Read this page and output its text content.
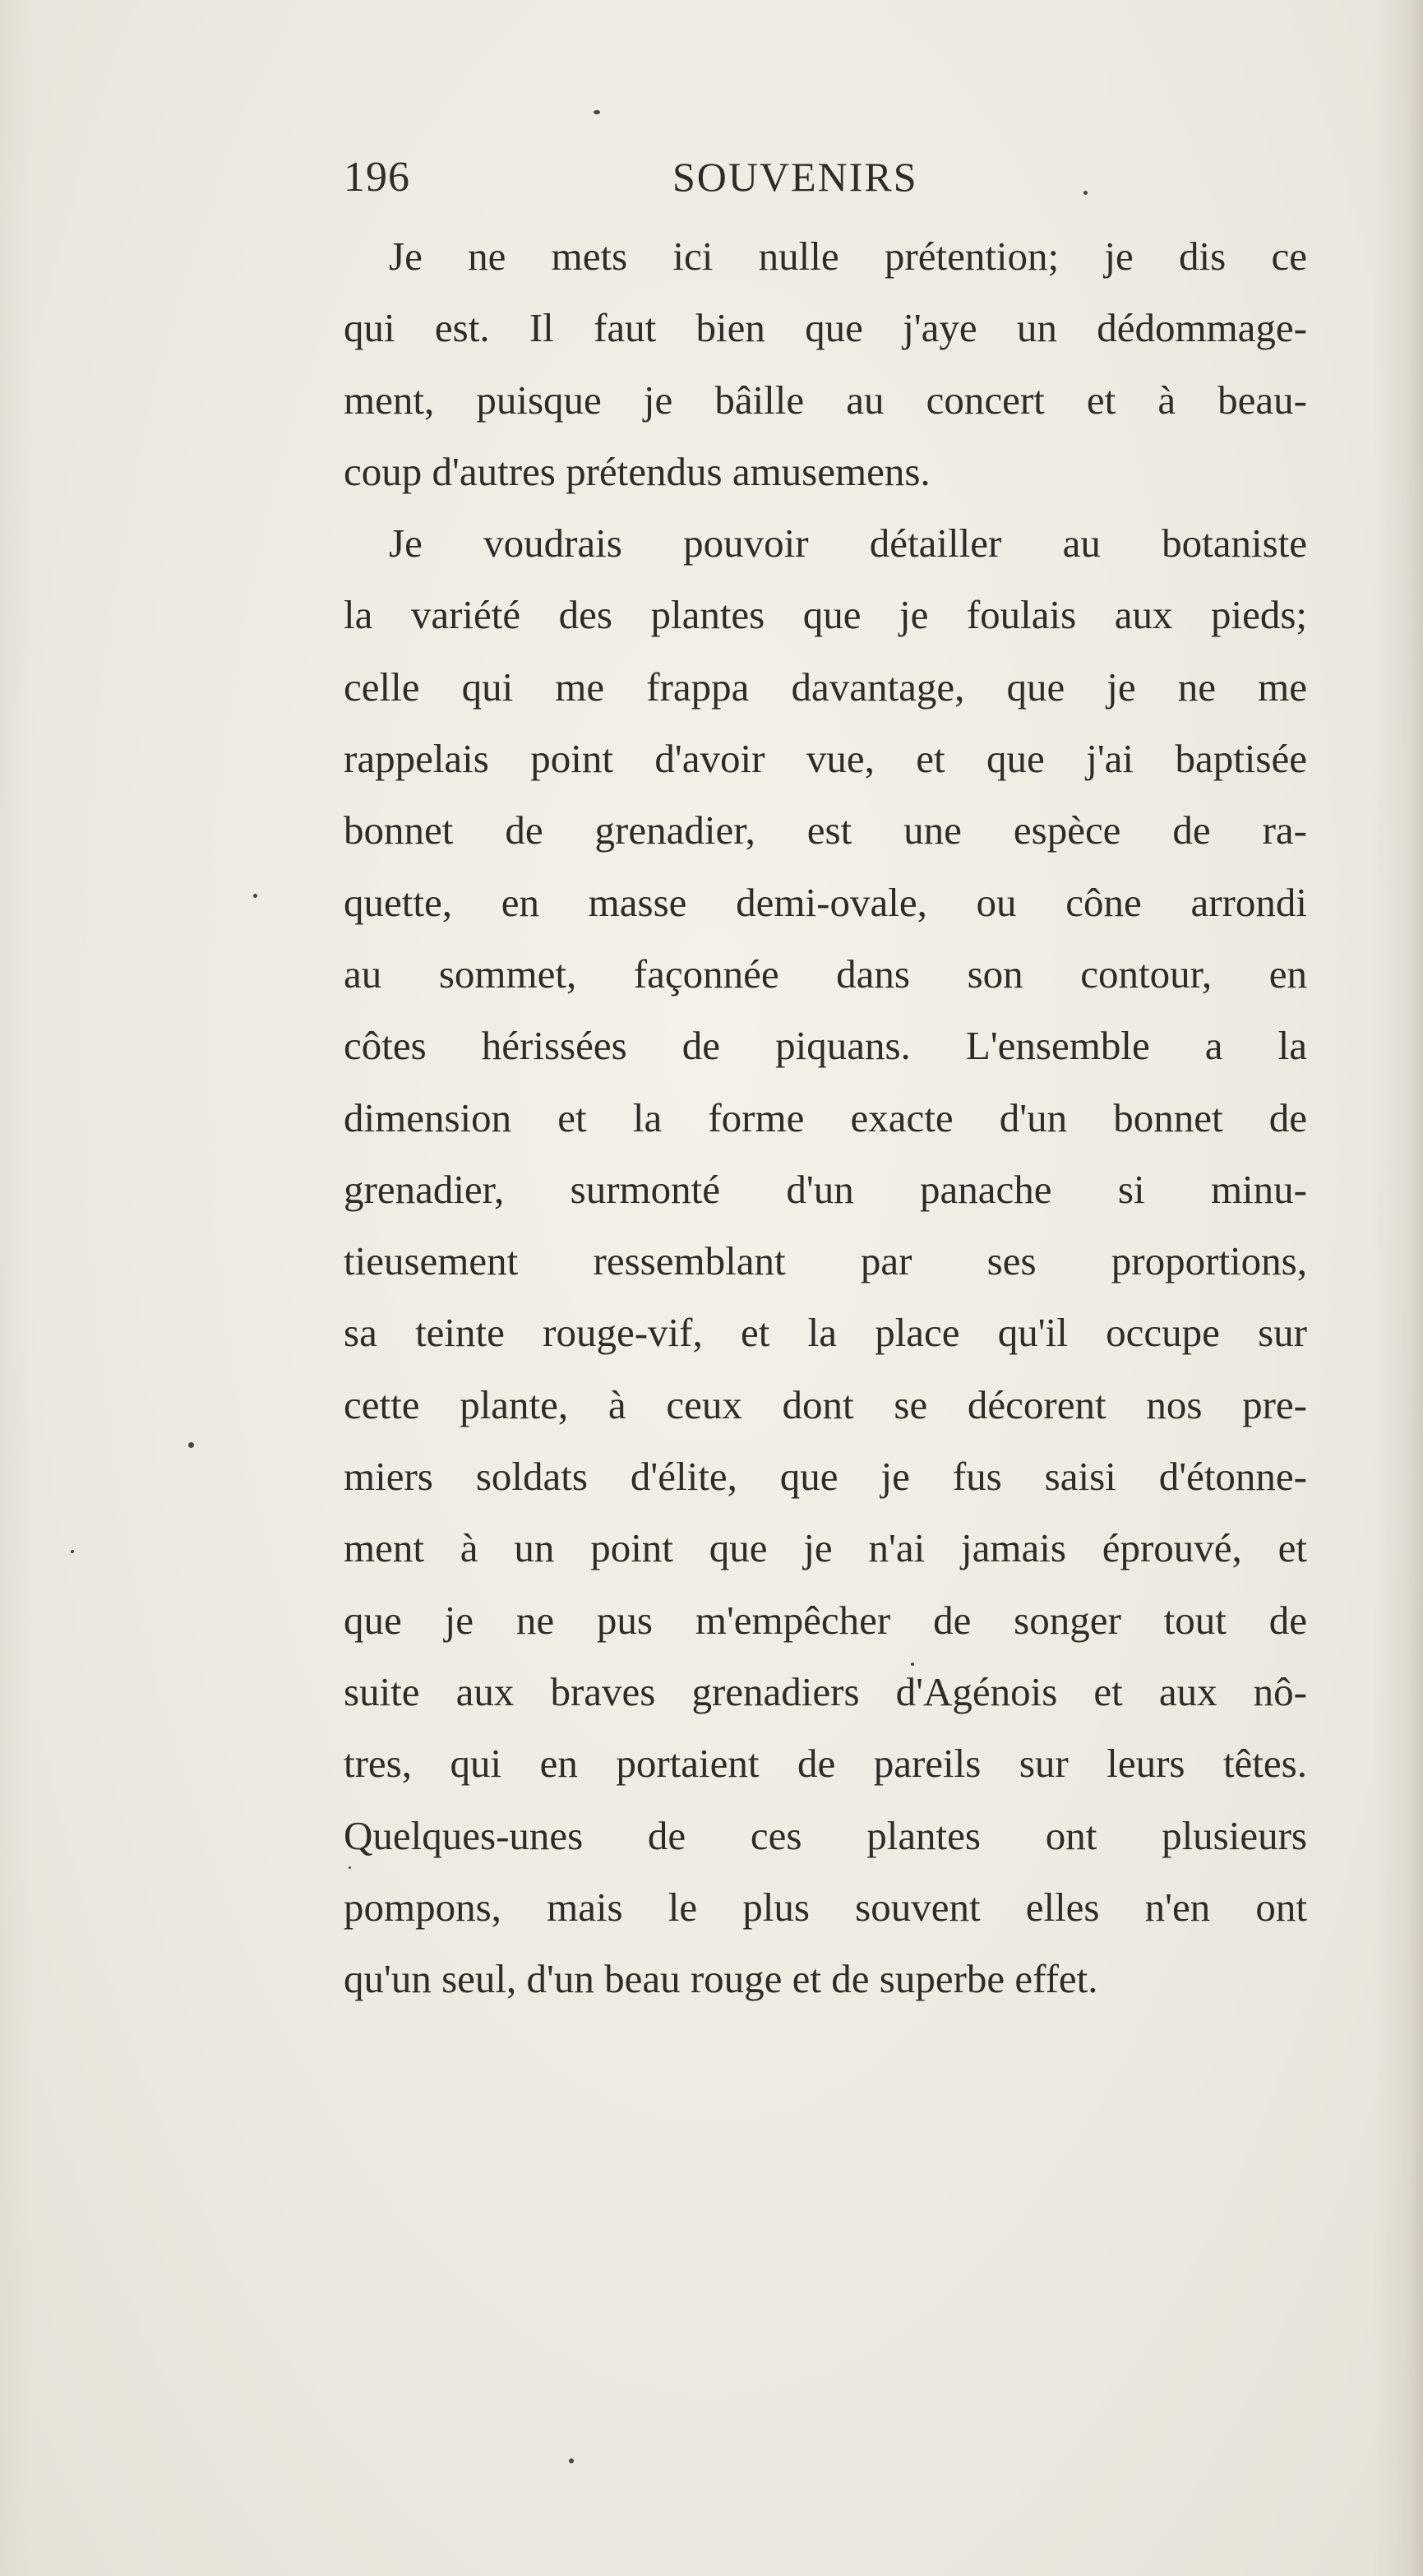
196	SOUVENIRS
Je ne mets ici nulle prétention; je dis ce
qui est. Il faut bien que j'aye un dédommage-
ment, puisque je bâille au concert et à beau-
coup d'autres prétendus amusemens.
Je voudrais pouvoir détailler au botaniste
la variété des plantes que je foulais aux pieds;
celle qui me frappa davantage, que je ne me
rappelais point d'avoir vue, et que j'ai baptisée
bonnet de grenadier, est une espèce de ra-
quette, en masse demi-ovale, ou cône arrondi
au sommet, façonnée dans son contour, en
côtes hérissées de piquans. L'ensemble a la
dimension et la forme exacte d'un bonnet de
grenadier, surmonté d'un panache si minu-
tieusement ressemblant par ses proportions,
sa teinte rouge-vif, et la place qu'il occupe sur
cette plante, à ceux dont se décorent nos pre-
miers soldats d'élite, que je fus saisi d'étonne-
ment à un point que je n'ai jamais éprouvé, et
que je ne pus m'empêcher de songer tout de
suite aux braves grenadiers d'Agénois et aux nô-
tres, qui en portaient de pareils sur leurs têtes.
Quelques-unes de ces plantes ont plusieurs
pompons, mais le plus souvent elles n'en ont
qu'un seul, d'un beau rouge et de superbe effet.
